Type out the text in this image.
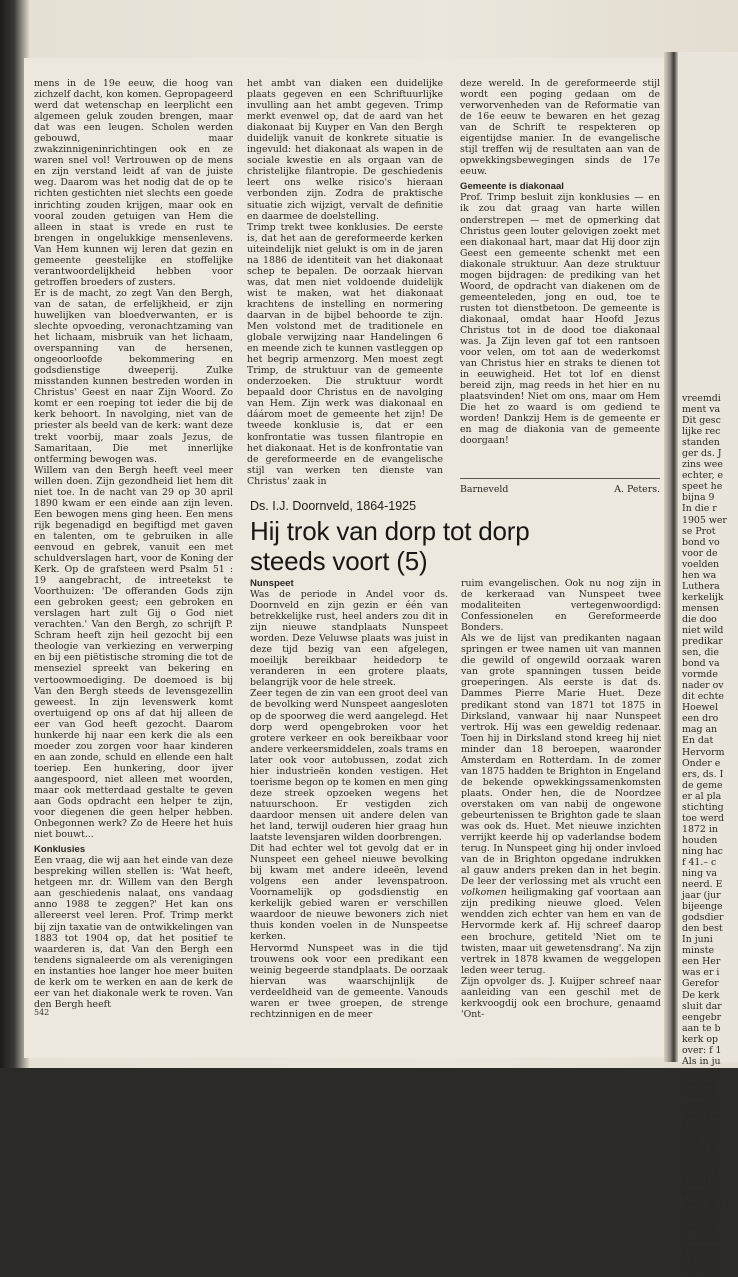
mens in de 19e eeuw, die hoog van zichzelf dacht, kon komen. Gepropageerd werd dat wetenschap en leerplicht een algemeen geluk zouden brengen, maar dat was een leugen. Scholen werden gebouwd, maar zwakzinnigeninrichtingen ook en ze waren snel vol! Vertrouwen op de mens en zijn verstand leidt af van de juiste weg. Daarom was het nodig dat de op te richten gestichten niet slechts een goede inrichting zouden krijgen, maar ook en vooral zouden getuigen van Hem die alleen in staat is vrede en rust te brengen in ongelukkige mensenlevens. Van Hem kunnen wij leren dat gezin en gemeente geestelijke en stoffelijke verantwoordelijkheid hebben voor getroffen broeders of zusters.

Er is de macht, zo zegt Van den Bergh, van de satan, de erfelijkheid, er zijn huwelijken van bloedverwanten, er is slechte opvoeding, veronachtzaming van het lichaam, misbruik van het lichaam, overspanning van de hersenen, ongeoorloofde bekommering en godsdienstige dweeperij. Zulke misstanden kunnen bestreden worden in Christus' Geest en naar Zijn Woord. Zo komt er een roeping tot ieder die bij de kerk behoort. In navolging, niet van de priester als beeld van de kerk: want deze trekt voorbij, maar zoals Jezus, de Samaritaan, Die met innerlijke ontferming bewogen was.

Willem van den Bergh heeft veel meer willen doen. Zijn gezondheid liet hem dit niet toe. In de nacht van 29 op 30 april 1890 kwam er een einde aan zijn leven. Een bewogen mens ging heen. Een mens rijk begenadigd en begiftigd met gaven en talenten, om te gebruiken in alle eenvoud en gebrek, vanuit een met schuldverslagen hart, voor de Koning der Kerk. Op de grafsteen werd Psalm 51 : 19 aangebracht, de intreetekst te Voorthuizen: 'De offeranden Gods zijn een gebroken geest; een gebroken en verslagen hart zult Gij o God niet verachten.' Van den Bergh, zo schrijft P. Schram heeft zijn heil gezocht bij een theologie van verkiezing en verwerping en bij een piëtistische stroming die tot de menseziel spreekt van bekering en vertoowmoediging. De doemoed is bij Van den Bergh steeds de levensgezellin geweest. In zijn levenswerk komt overtuigend op ons af dat hij alleen de eer van God heeft gezocht. Daarom hunkerde hij naar een kerk die als een moeder zou zorgen voor haar kinderen en aan zonde, schuld en ellende een halt toeriep. Een hunkering, door ijver aangespoord, niet alleen met woorden, maar ook metterdaad gestalte te geven aan Gods opdracht een helper te zijn, voor diegenen die geen helper hebben. Onbegonnen werk? Zo de Heere het huis niet bouwt...

Konklusies

Een vraag, die wij aan het einde van deze bespreking willen stellen is: 'Wat heeft, hetgeen mr. dr. Willem van den Bergh aan geschiedenis nalaat, ons vandaag anno 1988 te zeggen?' Het kan ons allereerst veel leren. Prof. Trimp merkt bij zijn taxatie van de ontwikkelingen van 1883 tot 1904 op, dat het positief te waarderen is, dat Van den Bergh een tendens signaleerde om als verenigingen en instanties hoe langer hoe meer buiten de kerk om te werken en aan de kerk de eer van het diakonale werk te roven. Van den Bergh heeft

het ambt van diaken een duidelijke plaats gegeven en een Schriftuurlijke invulling aan het ambt gegeven. Trimp merkt evenwel op, dat de aard van het diakonaat bij Kuyper en Van den Bergh duidelijk vanuit de konkrete situatie is ingevuld: het diakonaat als wapen in de sociale kwestie en als orgaan van de christelijke filantropie. De geschiedenis leert ons welke risico's hieraan verbonden zijn. Zodra de praktische situatie zich wijzigt, vervalt de definitie en daarmee de doelstelling.

Trimp trekt twee konklusies. De eerste is, dat het aan de gereformeerde kerken uiteindelijk niet gelukt is om in de jaren na 1886 de identiteit van het diakonaat schep te bepalen. De oorzaak hiervan was, dat men niet voldoende duidelijk wist te maken, wat het diakonaat krachtens de instelling en normering daarvan in de bijbel behoorde te zijn. Men volstond met de traditionele en globale verwijzing naar Handelingen 6 en meende zich te kunnen vastleggen op het begrip armenzorg. Men moest zegt Trimp, de struktuur van de gemeente onderzoeken. Die struktuur wordt bepaald door Christus en de navolging van Hem. Zijn werk was diakonaal en dáárom moet de gemeente het zijn! De tweede konklusie is, dat er een konfrontatie was tussen filantropie en het diakonaat. Het is de konfrontatie van de gereformeerde en de evangelische stijl van werken ten dienste van Christus' zaak in

deze wereld. In de gereformeerde stijl wordt een poging gedaan om de verworvenheden van de Reformatie van de 16e eeuw te bewaren en het gezag van de Schrift te respekteren op eigentijdse manier. In de evangelische stijl treffen wij de resultaten aan van de opwekkingsbewegingen sinds de 17e eeuw.

Gemeente is diakonaal

Prof. Trimp besluit zijn konklusies — en ik zou dat graag van harte willen onderstrepen — met de opmerking dat Christus geen louter gelovigen zoekt met een diakonaal hart, maar dat Hij door zijn Geest een gemeente schenkt met een diakonale struktuur. Aan deze struktuur mogen bijdragen: de prediking van het Woord, de opdracht van diakenen om de gemeenteleden, jong en oud, toe te rusten tot dienstbetoon. De gemeente is diakonaal, omdat haar Hoofd Jezus Christus tot in de dood toe diakonaal was. Ja Zijn leven gaf tot een rantsoen voor velen, om tot aan de wederkomst van Christus hier en straks te dienen tot in eeuwigheid. Het tot lof en dienst bereid zijn, mag reeds in het hier en nu plaatsvinden! Niet om ons, maar om Hem Die het zo waard is om gediend te worden! Dankzij Hem is de gemeente er en mag de diakonia van de gemeente doorgaan!

Barneveld	A. Peters.
Ds. I.J. Doornveld, 1864-1925
Hij trok van dorp tot dorp steeds voort (5)
Nunspeet

Was de periode in Andel voor ds. Doornveld en zijn gezin er één van betrekkelijke rust, heel anders zou dit in zijn nieuwe standplaats Nunspeet worden. Deze Veluwse plaats was juist in deze tijd bezig van een afgelegen, moeilijk bereikbaar heidedorp te veranderen in een grotere plaats, belangrijk voor de hele streek.

Zeer tegen de zin van een groot deel van de bevolking werd Nunspeet aangesloten op de spoorweg die werd aangelegd. Het dorp werd opengebroken voor het grotere verkeer en ook bereikbaar voor andere verkeersmiddelen, zoals trams en later ook voor autobussen, zodat zich hier industrieën konden vestigen. Het toerisme begon op te komen en men ging deze streek opzoeken wegens het natuurschoon. Er vestigden zich daardoor mensen uit andere delen van het land, terwijl ouderen hier graag hun laatste levensjaren wilden doorbrengen.

Dit had echter wel tot gevolg dat er in Nunspeet een geheel nieuwe bevolking bij kwam met andere ideeën, levend volgens een ander levenspatroon. Voornamelijk op godsdienstig en kerkelijk gebied waren er verschillen waardoor de nieuwe bewoners zich niet thuis konden voelen in de Nunspeetse kerken.

Hervormd Nunspeet was in die tijd trouwens ook voor een predikant een weinig begeerde standplaats. De oorzaak hiervan was waarschijnlijk de verdeeldheid van de gemeente. Vanouds waren er twee groepen, de strenge rechtzinnigen en de meer

ruim evangelischen. Ook nu nog zijn in de kerkeraad van Nunspeet twee modaliteiten vertegenwoordigd: Confessionelen en Gereformeerde Bonders.

Als we de lijst van predikanten nagaan springen er twee namen uit van mannen die gewild of ongewild oorzaak waren van grote spanningen tussen beide groeperingen. Als eerste is dat ds. Dammes Pierre Marie Huet. Deze predikant stond van 1871 tot 1875 in Dirksland, vanwaar hij naar Nunspeet vertrok. Hij was een geweldig redenaar. Toen hij in Dirksland stond kreeg hij niet minder dan 18 beroepen, waaronder Amsterdam en Rotterdam. In de zomer van 1875 hadden te Brighton in Engeland de bekende opwekkingssamenkomsten plaats. Onder hen, die de Noordzee overstaken om van nabij de ongewone gebeurtenissen te Brighton gade te slaan was ook ds. Huet. Met nieuwe inzichten verrijkt keerde hij op vaderlandse bodem terug. In Nunspeet ging hij onder invloed van de in Brighton opgedane indrukken al gauw anders preken dan in het begin. De leer der verlossing met als vrucht een volkomen heiligmaking gaf voortaan aan zijn prediking nieuwe gloed. Velen wendden zich echter van hem en van de Hervormde kerk af. Hij schreef daarop een brochure, getiteld 'Niet om te twisten, maar uit gewetensdrang'. Na zijn vertrek in 1878 kwamen de weggelopen leden weer terug.

Zijn opvolger ds. J. Kuijper schreef naar aanleiding van een geschil met de kerkvoogdij ook een brochure, genaamd 'Ont-

542
vreemdi
ment va
Dit gesc
lijke rec
standen
ger ds. J
zins wee
echter, e
speet he
bijna 9
In die r
1905 wer
se Prot
bond vo
voor de
voelden
hen wa
Luthera
kerkelijk
mensen
die doo
niet wild
predikar
sen, die
bond va
vormde
nader ov
dit echte
Hoewel
een dro
mag an
En dat
Hervorm
Onder e
ers, ds. I
de geme
er al pla
stichting
toe werd
1872 in
houden
ning hac
f 41.– c
ning va
neerd. E
jaar (jur
bijeenge
godsdier
den best
In juni
minste
een Her
was er i
Gerefor
De kerk
sluit dar
eengebr
aan te b
kerk op
over: f 1
Als in ju
in de ge
daarna
verteld.
zoon te
Doornve
lijk ond
ring var
maar é
christeli
wordt h
ken. Da
klein te
daar óf i
ten geb
daarbij
IJ. Door
proeven
Christel
niet lijd
